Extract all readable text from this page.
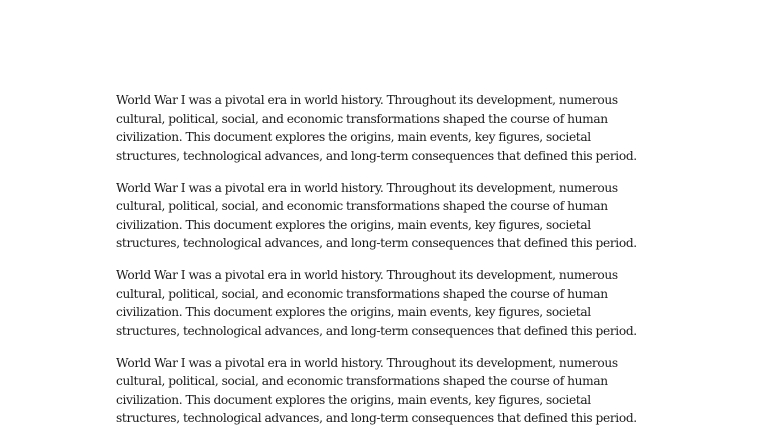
World War I was a pivotal era in world history. Throughout its development, numerous
cultural, political, social, and economic transformations shaped the course of human
civilization. This document explores the origins, main events, key figures, societal
structures, technological advances, and long-term consequences that defined this period.

World War I was a pivotal era in world history. Throughout its development, numerous
cultural, political, social, and economic transformations shaped the course of human
civilization. This document explores the origins, main events, key figures, societal
structures, technological advances, and long-term consequences that defined this period.

World War I was a pivotal era in world history. Throughout its development, numerous
cultural, political, social, and economic transformations shaped the course of human
civilization. This document explores the origins, main events, key figures, societal
structures, technological advances, and long-term consequences that defined this period.

World War I was a pivotal era in world history. Throughout its development, numerous
cultural, political, social, and economic transformations shaped the course of human
civilization. This document explores the origins, main events, key figures, societal
structures, technological advances, and long-term consequences that defined this period.
